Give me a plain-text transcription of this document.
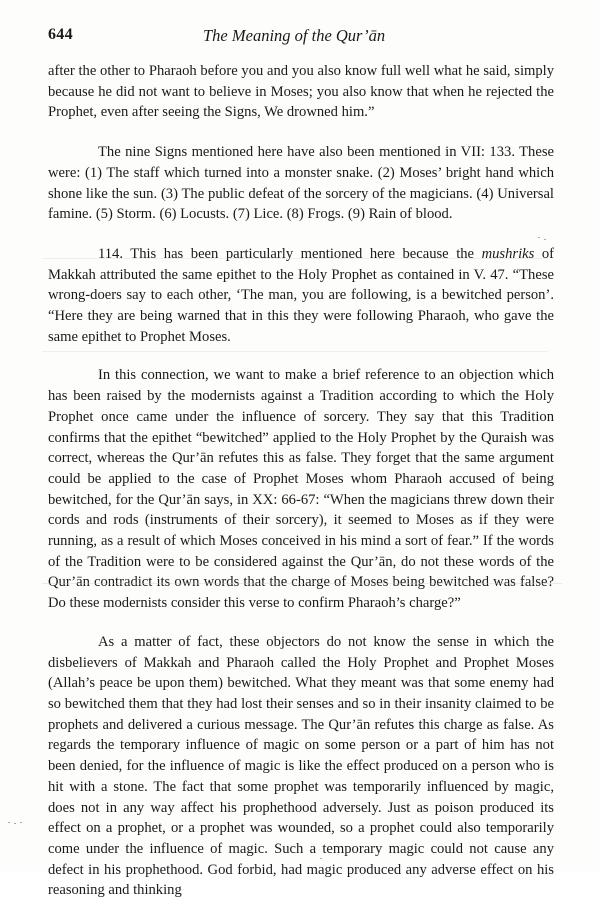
644	The Meaning of the Qur’ān

after the other to Pharaoh before you and you also know full well what he said, simply because he did not want to believe in Moses; you also know that when he rejected the Prophet, even after seeing the Signs, We drowned him.”

The nine Signs mentioned here have also been mentioned in VII: 133. These were: (1) The staff which turned into a monster snake. (2) Moses’ bright hand which shone like the sun. (3) The public defeat of the sorcery of the magicians. (4) Universal famine. (5) Storm. (6) Locusts. (7) Lice. (8) Frogs. (9) Rain of blood.

114. This has been particularly mentioned here because the mushriks of Makkah attributed the same epithet to the Holy Prophet as contained in V. 47. “These wrong-doers say to each other, ‘The man, you are following, is a bewitched person’. “Here they are being warned that in this they were following Pharaoh, who gave the same epithet to Prophet Moses.

In this connection, we want to make a brief reference to an objection which has been raised by the modernists against a Tradition according to which the Holy Prophet once came under the influence of sorcery. They say that this Tradition confirms that the epithet “bewitched” applied to the Holy Prophet by the Quraish was correct, whereas the Qur’ān refutes this as false. They forget that the same argument could be applied to the case of Prophet Moses whom Pharaoh accused of being bewitched, for the Qur’ān says, in XX: 66-67: “When the magicians threw down their cords and rods (instruments of their sorcery), it seemed to Moses as if they were running, as a result of which Moses conceived in his mind a sort of fear.” If the words of the Tradition were to be considered against the Qur’ān, do not these words of the Qur’ān contradict its own words that the charge of Moses being bewitched was false? Do these modernists consider this verse to confirm Pharaoh’s charge?”

As a matter of fact, these objectors do not know the sense in which the disbelievers of Makkah and Pharaoh called the Holy Prophet and Prophet Moses (Allah’s peace be upon them) bewitched. What they meant was that some enemy had so bewitched them that they had lost their senses and so in their insanity claimed to be prophets and delivered a curious message. The Qur’ān refutes this charge as false. As regards the temporary influence of magic on some person or a part of him has not been denied, for the influence of magic is like the effect produced on a person who is hit with a stone. The fact that some prophet was temporarily influenced by magic, does not in any way affect his prophethood adversely. Just as poison produced its effect on a prophet, or a prophet was wounded, so a prophet could also temporarily come under the influence of magic. Such a temporary magic could not cause any defect in his prophethood. God forbid, had magic produced any adverse effect on his reasoning and thinking
